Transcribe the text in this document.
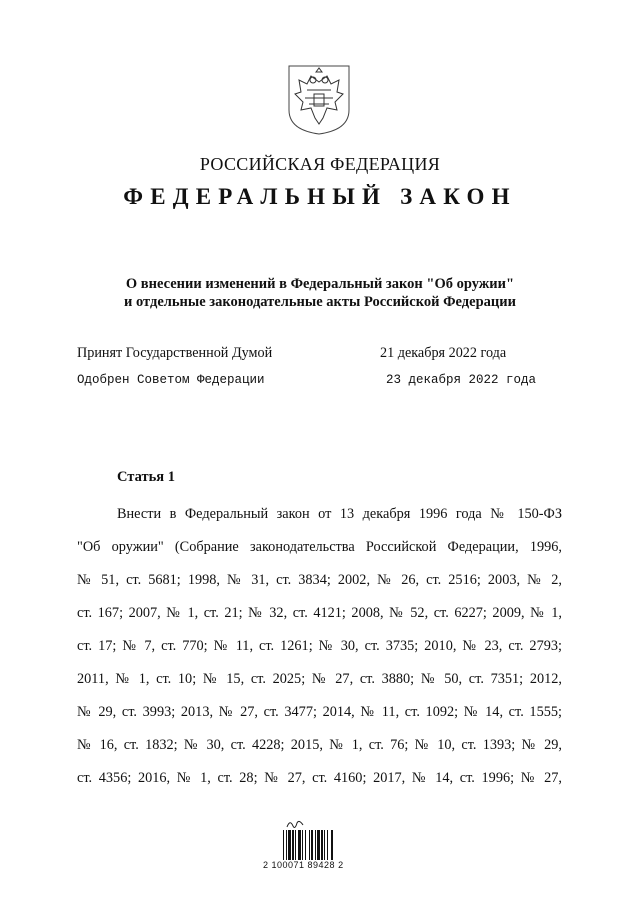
РОССИЙСКАЯ ФЕДЕРАЦИЯ
ФЕДЕРАЛЬНЫЙ ЗАКОН
О внесении изменений в Федеральный закон "Об оружии"
и отдельные законодательные акты Российской Федерации
Принят Государственной Думой	21 декабря 2022 года
Одобрен Советом Федерации	23 декабря 2022 года
Статья 1
Внести в Федеральный закон от 13 декабря 1996 года № 150-ФЗ
"Об оружии" (Собрание законодательства Российской Федерации, 1996,
№ 51, ст. 5681; 1998, № 31, ст. 3834; 2002, № 26, ст. 2516; 2003, № 2,
ст. 167; 2007, № 1, ст. 21; № 32, ст. 4121; 2008, № 52, ст. 6227; 2009, № 1,
ст. 17; № 7, ст. 770; № 11, ст. 1261; № 30, ст. 3735; 2010, № 23, ст. 2793;
2011, № 1, ст. 10; № 15, ст. 2025; № 27, ст. 3880; № 50, ст. 7351; 2012,
№ 29, ст. 3993; 2013, № 27, ст. 3477; 2014, № 11, ст. 1092; № 14, ст. 1555;
№ 16, ст. 1832; № 30, ст. 4228; 2015, № 1, ст. 76; № 10, ст. 1393; № 29,
ст. 4356; 2016, № 1, ст. 28; № 27, ст. 4160; 2017, № 14, ст. 1996; № 27,
2 100071 89428 2
